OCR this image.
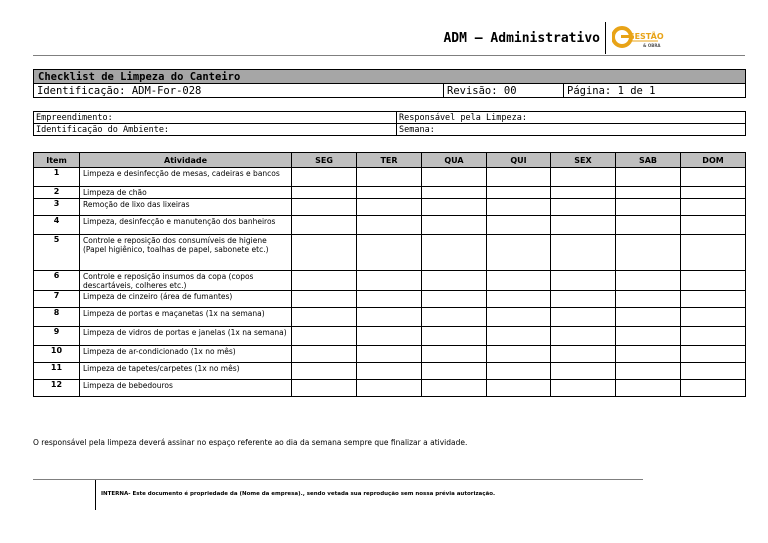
ADM – Administrativo	GESTÃO
& OBRA
Checklist de Limpeza do Canteiro
Identificação: ADM-For-028	Revisão: 00	Página: 1 de 1
Empreendimento:	Responsável pela Limpeza:
Identificação do Ambiente:	Semana:
Item	Atividade	SEG	TER	QUA	QUI	SEX	SAB	DOM
1	Limpeza e desinfecção de mesas, cadeiras e bancos							
2	Limpeza de chão							
3	Remoção de lixo das lixeiras							
4	Limpeza, desinfecção e manutenção dos banheiros							
5	Controle e reposição dos consumíveis de higiene (Papel higiênico, toalhas de papel, sabonete etc.)							
6	Controle e reposição insumos da copa (copos descartáveis, colheres etc.)							
7	Limpeza de cinzeiro (área de fumantes)							
8	Limpeza de portas e maçanetas (1x na semana)							
9	Limpeza de vidros de portas e janelas (1x na semana)							
10	Limpeza de ar-condicionado (1x no mês)							
11	Limpeza de tapetes/carpetes (1x no mês)							
12	Limpeza de bebedouros							
O responsável pela limpeza deverá assinar no espaço referente ao dia da semana sempre que finalizar a atividade.
INTERNA- Este documento é propriedade da (Nome da empresa)., sendo vetada sua reprodução sem nossa prévia autorização.
